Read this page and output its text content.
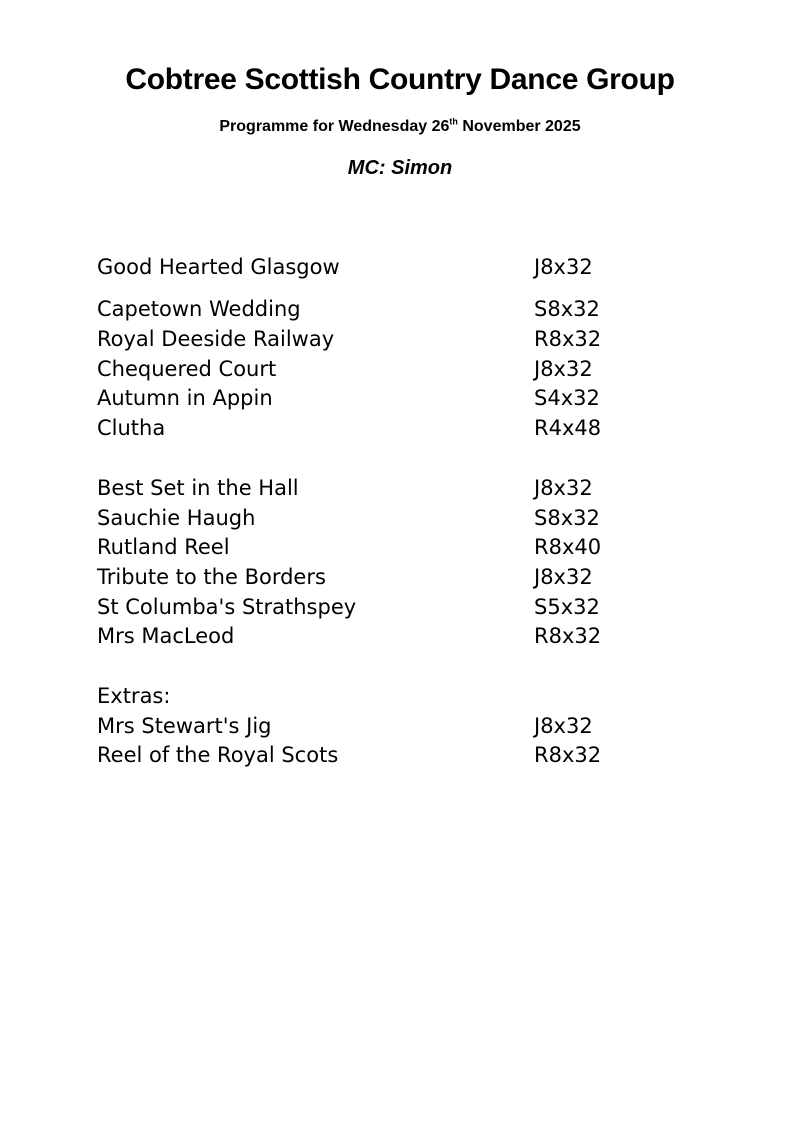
Cobtree Scottish Country Dance Group

Programme for Wednesday 26th November 2025

MC: Simon

Good Hearted Glasgow	J8x32
Capetown Wedding	S8x32
Royal Deeside Railway	R8x32
Chequered Court	J8x32
Autumn in Appin	S4x32
Clutha	R4x48
Best Set in the Hall	J8x32
Sauchie Haugh	S8x32
Rutland Reel	R8x40
Tribute to the Borders	J8x32
St Columba's Strathspey	S5x32
Mrs MacLeod	R8x32
Extras:
Mrs Stewart's Jig	J8x32
Reel of the Royal Scots	R8x32
